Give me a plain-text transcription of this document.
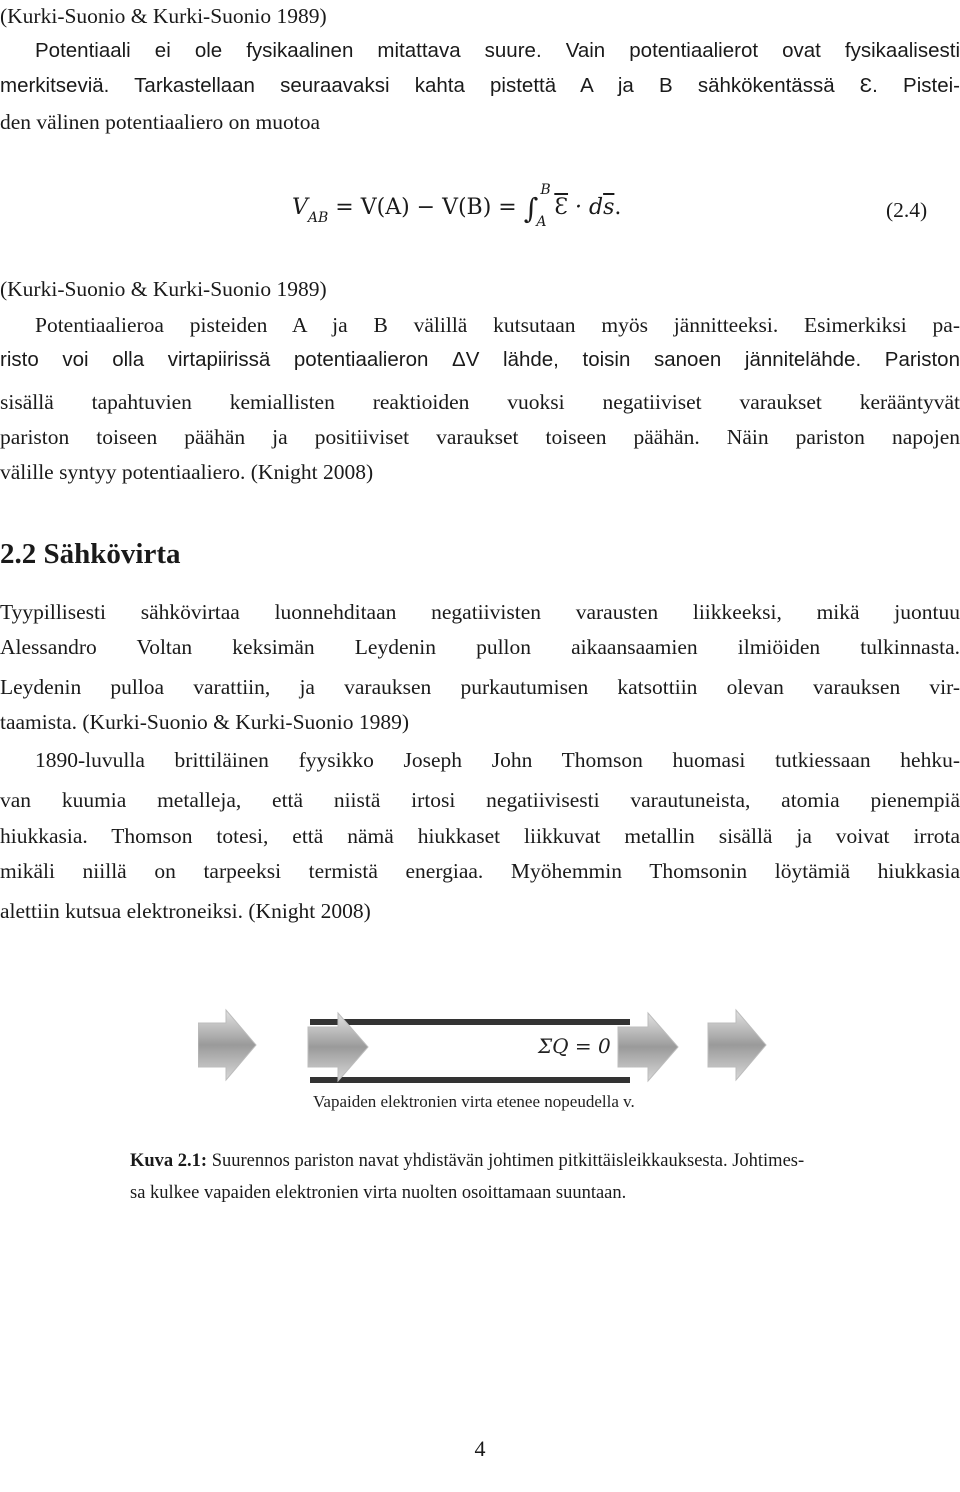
(Kurki-Suonio & Kurki-Suonio 1989)
Potentiaali ei ole fysikaalinen mitattava suure. Vain potentiaalierot ovat fysikaalisesti
merkitseviä. Tarkastellaan seuraavaksi kahta pistettä A ja B sähkökentässä Ɛ. Pistei-
den välinen potentiaaliero on muotoa
$V_{AB} = V(A) - V(B)$ = ∫
B
A
$\overline{Ɛ} \cdot d\overline{s}$.	(2.4)
(Kurki-Suonio & Kurki-Suonio 1989)
Potentiaalieroa pisteiden A ja B välillä kutsutaan myös jännitteeksi. Esimerkiksi pa-
risto voi olla virtapiirissä potentiaalieron ΔV lähde, toisin sanoen jännitelähde. Pariston
sisällä tapahtuvien kemiallisten reaktioiden vuoksi negatiiviset varaukset kerääntyvät
pariston toiseen päähän ja positiiviset varaukset toiseen päähän. Näin pariston napojen
välille syntyy potentiaaliero. (Knight 2008)
2.2 Sähkövirta
Tyypillisesti sähkövirtaa luonnehditaan negatiivisten varausten liikkeeksi, mikä juontuu
Alessandro Voltan keksimän Leydenin pullon aikaansaamien ilmiöiden tulkinnasta.
Leydenin pulloa varattiin, ja varauksen purkautumisen katsottiin olevan varauksen vir-
taamista. (Kurki-Suonio & Kurki-Suonio 1989)
1890-luvulla brittiläinen fyysikko Joseph John Thomson huomasi tutkiessaan hehku-
van kuumia metalleja, että niistä irtosi negatiivisesti varautuneista, atomia pienempiä
hiukkasia. Thomson totesi, että nämä hiukkaset liikkuvat metallin sisällä ja voivat irrota
mikäli niillä on tarpeeksi termistä energiaa. Myöhemmin Thomsonin löytämiä hiukkasia
alettiin kutsua elektroneiksi. (Knight 2008)
ΣQ = 0
Vapaiden elektronien virta etenee nopeudella v.
Kuva 2.1: Suurennos pariston navat yhdistävän johtimen pitkittäisleikkauksesta. Johtimes-
sa kulkee vapaiden elektronien virta nuolten osoittamaan suuntaan.
4
